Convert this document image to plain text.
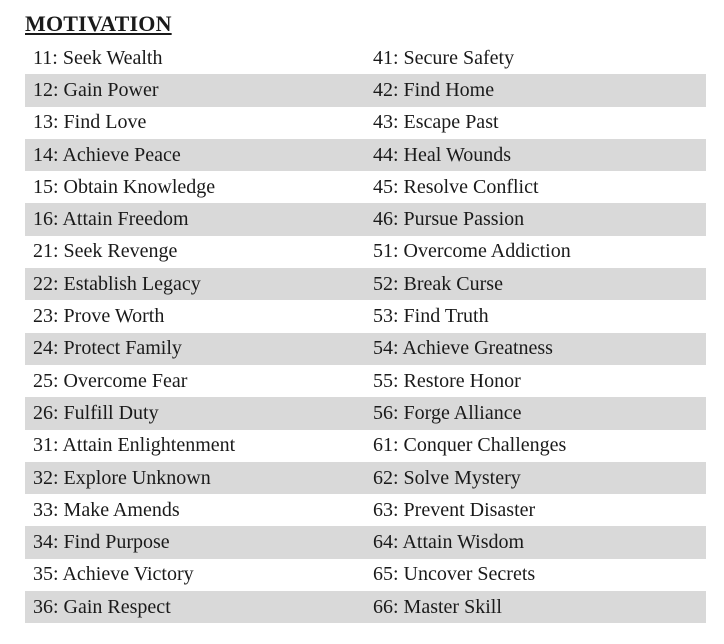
MOTIVATION
11: Seek Wealth	41: Secure Safety
12: Gain Power	42: Find Home
13: Find Love	43: Escape Past
14: Achieve Peace	44: Heal Wounds
15: Obtain Knowledge	45: Resolve Conflict
16: Attain Freedom	46: Pursue Passion
21: Seek Revenge	51: Overcome Addiction
22: Establish Legacy	52: Break Curse
23: Prove Worth	53: Find Truth
24: Protect Family	54: Achieve Greatness
25: Overcome Fear	55: Restore Honor
26: Fulfill Duty	56: Forge Alliance
31: Attain Enlightenment	61: Conquer Challenges
32: Explore Unknown	62: Solve Mystery
33: Make Amends	63: Prevent Disaster
34: Find Purpose	64: Attain Wisdom
35: Achieve Victory	65: Uncover Secrets
36: Gain Respect	66: Master Skill
